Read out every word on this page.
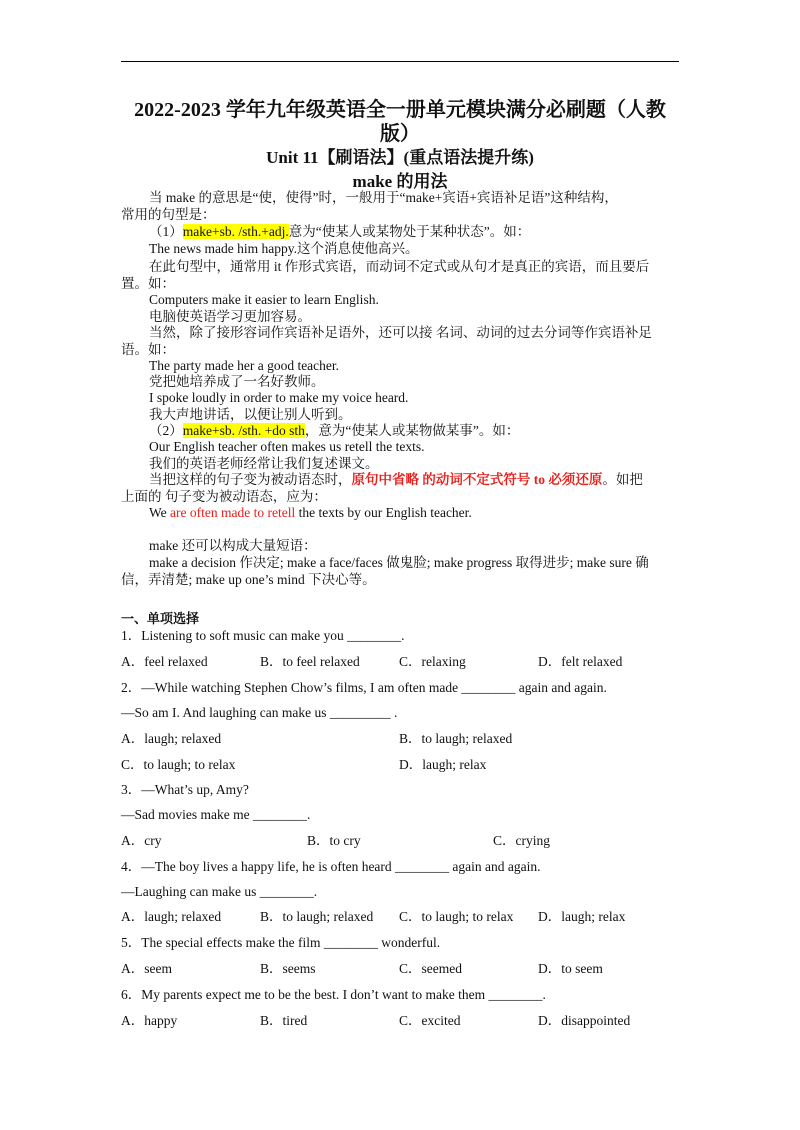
2022-2023 学年九年级英语全一册单元模块满分必刷题（人教
版）
Unit 11【刷语法】(重点语法提升练)
make 的用法
当 make 的意思是“使，使得”时，一般用于“make+宾语+宾语补足语”这种结构，
常用的句型是：
（1）make+sb. /sth.+adj.意为“使某人或某物处于某种状态”。如：
The news made him happy.这个消息使他高兴。
在此句型中，通常用 it 作形式宾语，而动词不定式或从句才是真正的宾语，而且要后
置。如：
Computers make it easier to learn English.
电脑使英语学习更加容易。
当然，除了接形容词作宾语补足语外，还可以接 名词、动词的过去分词等作宾语补足
语。如：
The party made her a good teacher.
党把她培养成了一名好教师。
I spoke loudly in order to make my voice heard.
我大声地讲话，以便让别人听到。
（2）make+sb. /sth. +do sth，意为“使某人或某物做某事”。如：
Our English teacher often makes us retell the texts.
我们的英语老师经常让我们复述课文。
当把这样的句子变为被动语态时，原句中省略 的动词不定式符号 to 必须还原。如把
上面的 句子变为被动语态，应为：
We are often made to retell the texts by our English teacher.
make 还可以构成大量短语：
make a decision 作决定; make a face/faces 做鬼脸; make progress 取得进步; make sure 确
信，弄清楚; make up one’s mind 下决心等。
一、单项选择
1．Listening to soft music can make you ________.
A．feel relaxed	B．to feel relaxed	C．relaxing	D．felt relaxed
2．—While watching Stephen Chow’s films, I am often made ________ again and again.
—So am I. And laughing can make us _________ .
A．laugh; relaxed	B．to laugh; relaxed
C．to laugh; to relax	D．laugh; relax
3．—What’s up, Amy?
—Sad movies make me ________.
A．cry	B．to cry	C．crying
4．—The boy lives a happy life, he is often heard ________ again and again.
—Laughing can make us ________.
A．laugh; relaxed	B．to laugh; relaxed C．to laugh; to relax D．laugh; relax
5．The special effects make the film ________ wonderful.
A．seem	B．seems	C．seemed	D．to seem
6．My parents expect me to be the best. I don’t want to make them ________.
A．happy	B．tired	C．excited	D．disappointed
